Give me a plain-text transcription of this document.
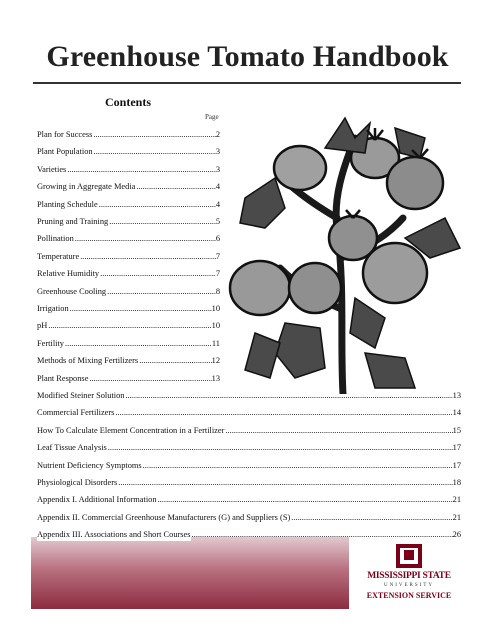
Greenhouse Tomato Handbook
Contents
Page
Plan for Success .....	2
Plant Population .....	3
Varieties .....	3
Growing in Aggregate Media .....	4
Planting Schedule .....	4
Pruning and Training .....	5
Pollination .....	6
Temperature .....	7
Relative Humidity .....	7
Greenhouse Cooling .....	8
Irrigation .....	10
pH .....	10
Fertility .....	11
Methods of Mixing Fertilizers .....	12
Plant Response .....	13
Modified Steiner Solution .....	13
Commercial Fertilizers .....	14
How To Calculate Element Concentration in a Fertilizer .....	15
Leaf Tissue Analysis .....	17
Nutrient Deficiency Symptoms .....	17
Physiological Disorders .....	18
Appendix I. Additional Information .....	21
Appendix II. Commercial Greenhouse Manufacturers (G) and Suppliers (S) .....	21
Appendix III. Associations and Short Courses .....	26
MISSISSIPPI STATE
UNIVERSITY
EXTENSION SERVICE
